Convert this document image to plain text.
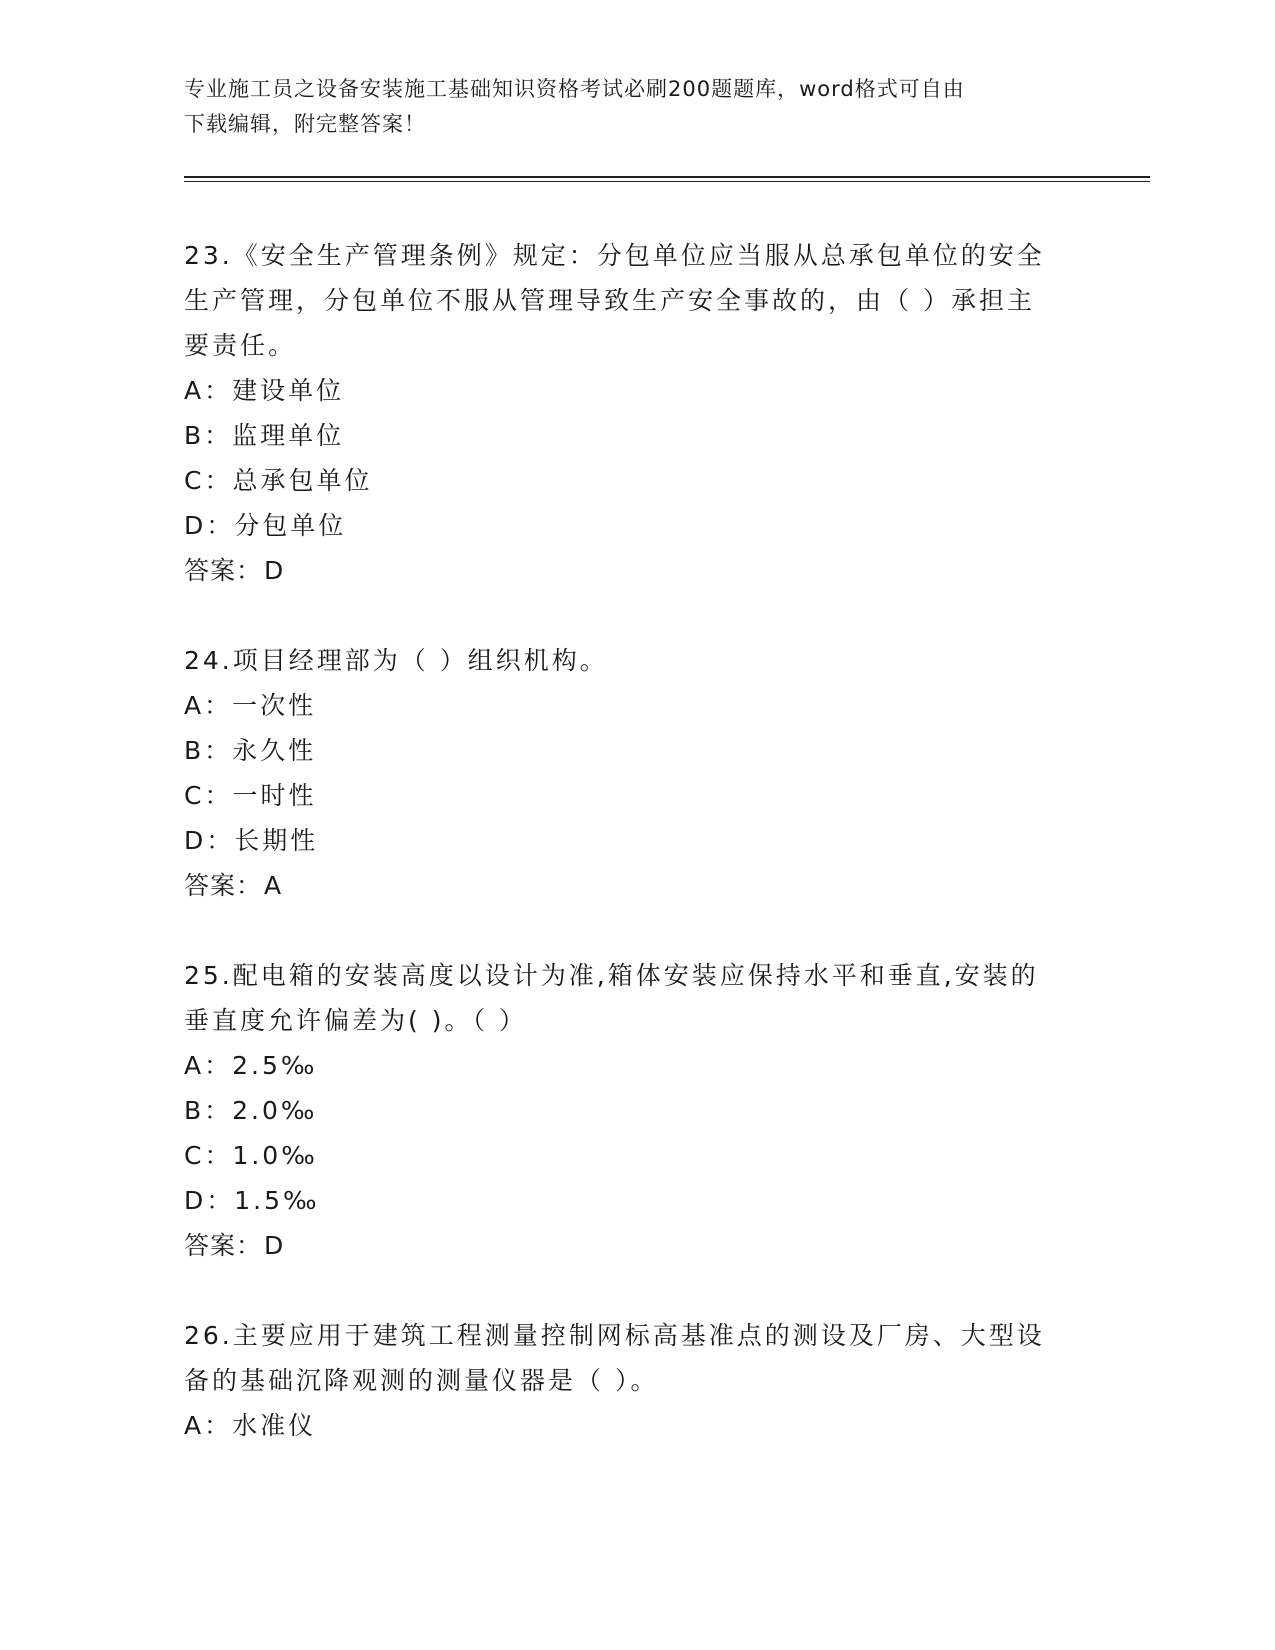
专业施工员之设备安装施工基础知识资格考试必刷200题题库，word格式可自由
下载编辑，附完整答案！
23.《安全生产管理条例》规定：分包单位应当服从总承包单位的安全
生产管理，分包单位不服从管理导致生产安全事故的，由（ ）承担主
要责任。
A：建设单位
B：监理单位
C：总承包单位
D：分包单位
答案：D
24.项目经理部为（ ）组织机构。
A：一次性
B：永久性
C：一时性
D：长期性
答案：A
25.配电箱的安装高度以设计为准,箱体安装应保持水平和垂直,安装的
垂直度允许偏差为( )。（ ）
A：2.5‰
B：2.0‰
C：1.0‰
D：1.5‰
答案：D
26.主要应用于建筑工程测量控制网标高基准点的测设及厂房、大型设
备的基础沉降观测的测量仪器是（ ）。
A：水准仪
